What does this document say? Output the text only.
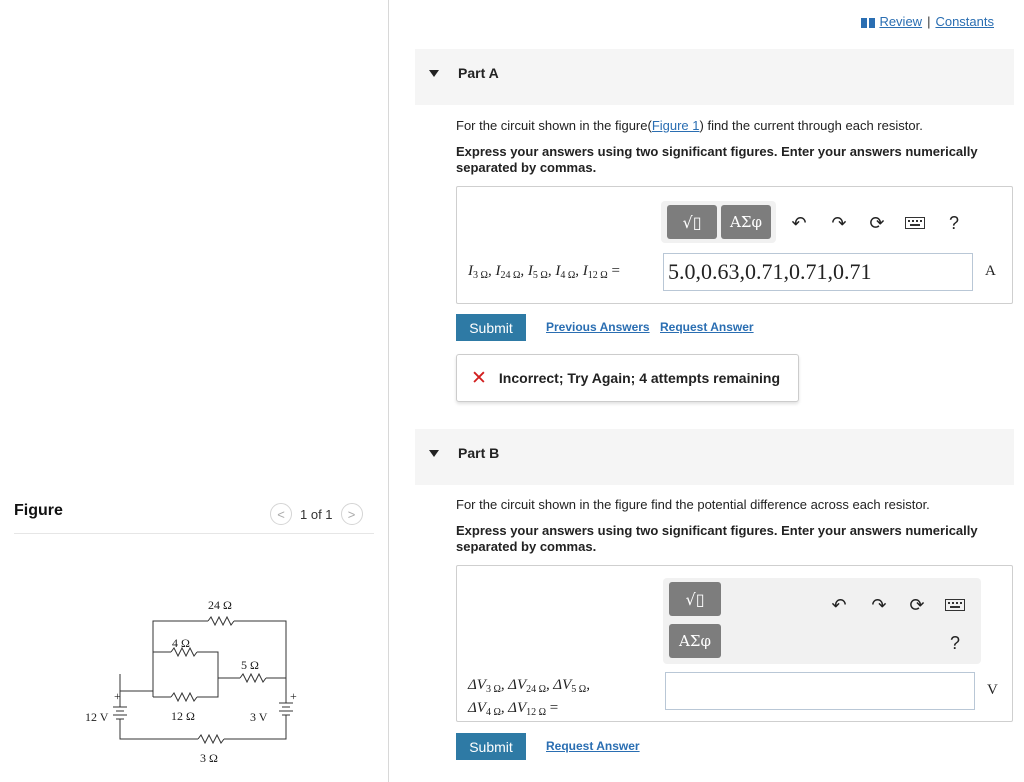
Figure	<	1 of 1	>
24 Ω
4 Ω
5 Ω
12 Ω
3 Ω
12 V	3 V
+	+
Review | Constants
Part A
For the circuit shown in the figure(Figure 1) find the current through each resistor.
Express your answers using two significant figures. Enter your answers numerically separated by commas.
√▯ ΑΣφ ↶ ↷ ⟳	?
$I_{3 \Omega}$, $I_{24 \Omega}$, $I_{5 \Omega}$, $I_{4 \Omega}$, $I_{12 \Omega} = 5.0,0.63,0.71,0.71,0.71$	A
Submit	Previous Answers Request Answer
✕ Incorrect; Try Again; 4 attempts remaining
Part B
For the circuit shown in the figure find the potential difference across each resistor.
Express your answers using two significant figures. Enter your answers numerically separated by commas.
√▯
ΑΣφ
↶ ↷ ⟳
?
$\Delta V_{3 \Omega}$, $\Delta V_{24 \Omega}$, $\Delta V_{5 \Omega}$,
$\Delta V_{4 \Omega}$, $\Delta V_{12 \Omega}$ =
V
Submit	Request Answer
